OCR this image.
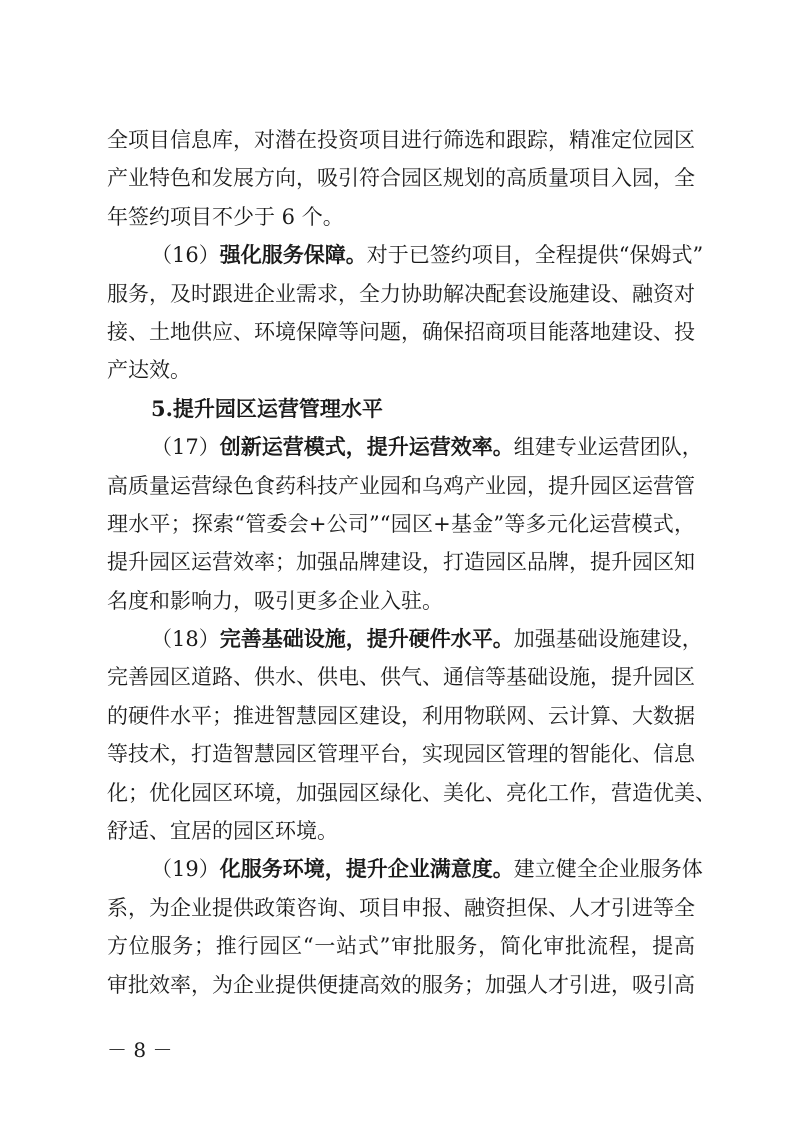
全项目信息库，对潜在投资项目进行筛选和跟踪，精准定位园区
产业特色和发展方向，吸引符合园区规划的高质量项目入园，全
年签约项目不少于 6 个。
（16）强化服务保障。对于已签约项目，全程提供“保姆式”
服务，及时跟进企业需求，全力协助解决配套设施建设、融资对
接、土地供应、环境保障等问题，确保招商项目能落地建设、投
产达效。
5.提升园区运营管理水平
（17）创新运营模式，提升运营效率。组建专业运营团队，
高质量运营绿色食药科技产业园和乌鸡产业园，提升园区运营管
理水平；探索“管委会+公司”“园区+基金”等多元化运营模式，
提升园区运营效率；加强品牌建设，打造园区品牌，提升园区知
名度和影响力，吸引更多企业入驻。
（18）完善基础设施，提升硬件水平。加强基础设施建设，
完善园区道路、供水、供电、供气、通信等基础设施，提升园区
的硬件水平；推进智慧园区建设，利用物联网、云计算、大数据
等技术，打造智慧园区管理平台，实现园区管理的智能化、信息
化；优化园区环境，加强园区绿化、美化、亮化工作，营造优美、
舒适、宜居的园区环境。
（19）化服务环境，提升企业满意度。建立健全企业服务体
系，为企业提供政策咨询、项目申报、融资担保、人才引进等全
方位服务；推行园区“一站式”审批服务，简化审批流程，提高
审批效率，为企业提供便捷高效的服务；加强人才引进，吸引高
－ 8 －
